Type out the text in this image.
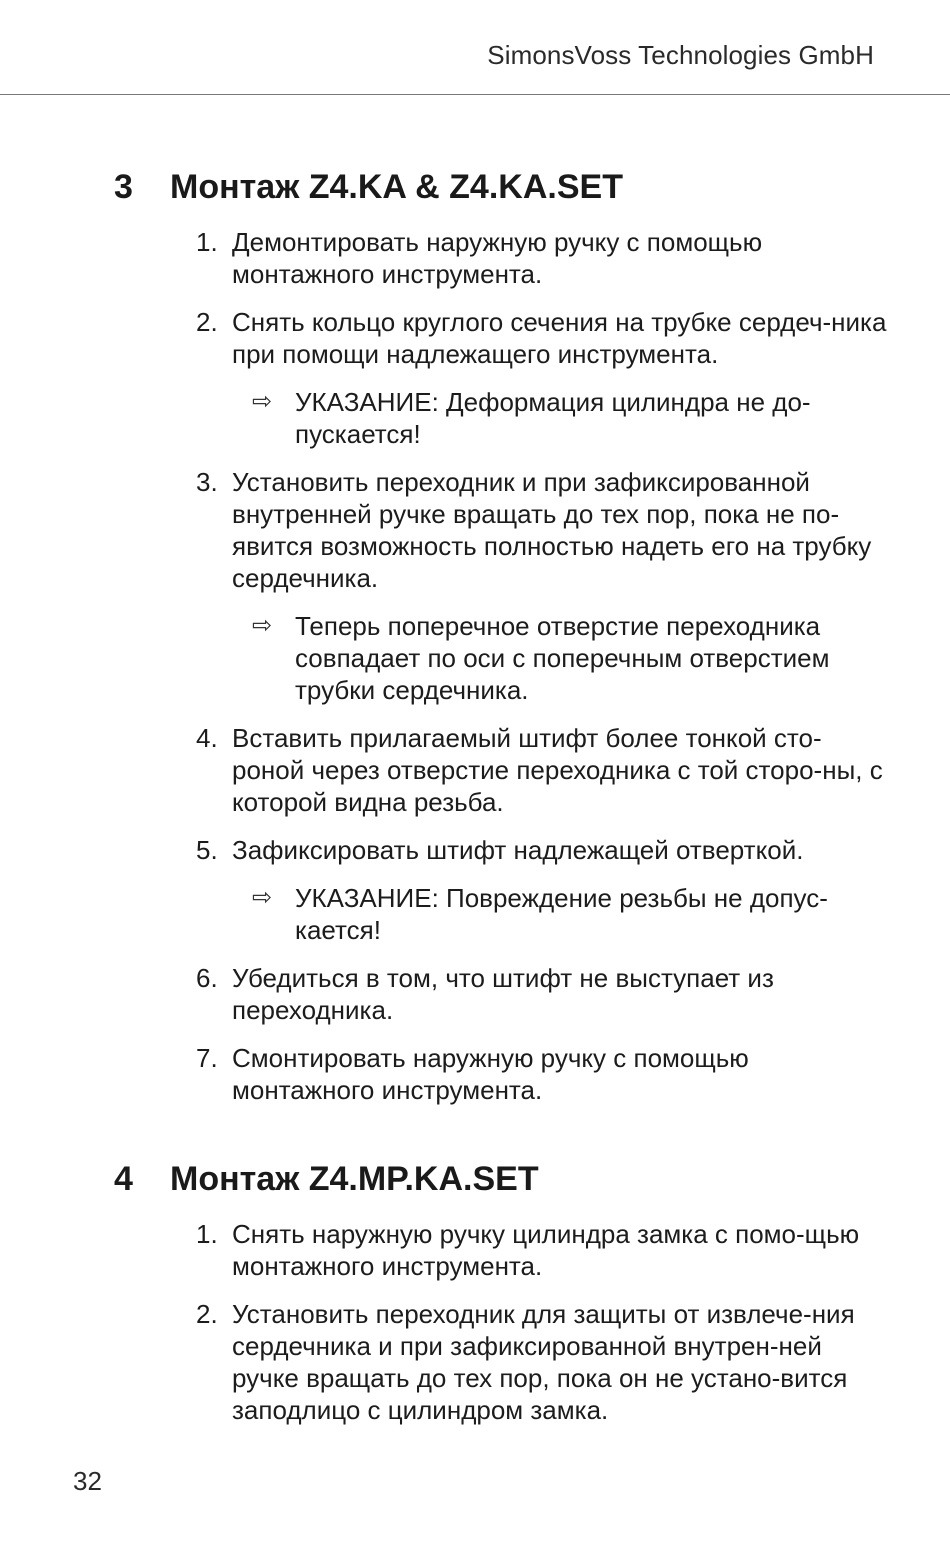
SimonsVoss Technologies GmbH
3 Монтаж Z4.KA & Z4.KA.SET
1. Демонтировать наружную ручку с помощью монтажного инструмента.
2. Снять кольцо круглого сечения на трубке сердеч-ника при помощи надлежащего инструмента.
⇨ УКАЗАНИЕ: Деформация цилиндра не до-пускается!
3. Установить переходник и при зафиксированной внутренней ручке вращать до тех пор, пока не по-явится возможность полностью надеть его на трубку сердечника.
⇨ Теперь поперечное отверстие переходника совпадает по оси с поперечным отверстием трубки сердечника.
4. Вставить прилагаемый штифт более тонкой сто-роной через отверстие переходника с той сторо-ны, с которой видна резьба.
5. Зафиксировать штифт надлежащей отверткой.
⇨ УКАЗАНИЕ: Повреждение резьбы не допус-кается!
6. Убедиться в том, что штифт не выступает из переходника.
7. Смонтировать наружную ручку с помощью монтажного инструмента.
4 Монтаж Z4.MP.KA.SET
1. Снять наружную ручку цилиндра замка с помо-щью монтажного инструмента.
2. Установить переходник для защиты от извлече-ния сердечника и при зафиксированной внутрен-ней ручке вращать до тех пор, пока он не устано-вится заподлицо с цилиндром замка.
32
